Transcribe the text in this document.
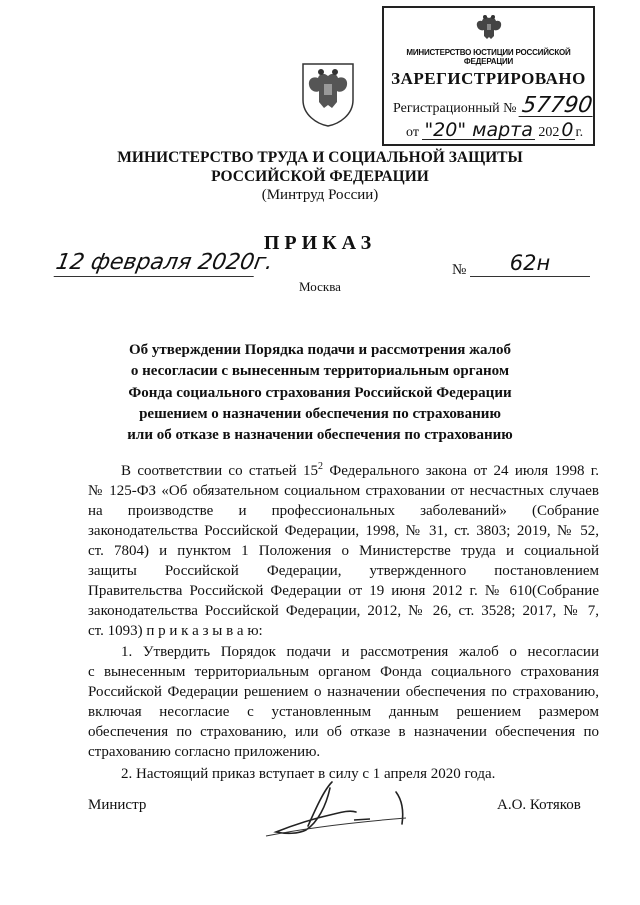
МИНИСТЕРСТВО ЮСТИЦИИ РОССИЙСКОЙ ФЕДЕРАЦИИ
ЗАРЕГИСТРИРОВАНО
Регистрационный № 57790
от "20" марта 202 0 г.
МИНИСТЕРСТВО ТРУДА И СОЦИАЛЬНОЙ ЗАЩИТЫ
РОССИЙСКОЙ ФЕДЕРАЦИИ
(Минтруд России)
ПРИКАЗ
12 февраля 2020г.	№	62н
Москва
Об утверждении Порядка подачи и рассмотрения жалоб
о несогласии с вынесенным территориальным органом
Фонда социального страхования Российской Федерации
решением о назначении обеспечения по страхованию
или об отказе в назначении обеспечения по страхованию
В соответствии со статьей $15^2$ Федерального закона от 24 июля 1998 г.
№ 125-ФЗ «Об обязательном социальном страховании от несчастных случаев
на производстве и профессиональных заболеваний» (Собрание
законодательства Российской Федерации, 1998, № 31, ст. 3803; 2019, № 52,
ст. 7804) и пунктом 1 Положения о Министерстве труда и социальной
защиты Российской Федерации, утвержденного постановлением
Правительства Российской Федерации от 19 июня 2012 г. № 610(Собрание
законодательства Российской Федерации, 2012, № 26, ст. 3528; 2017, № 7,
ст. 1093) п р и к а з ы в а ю:
1. Утвердить Порядок подачи и рассмотрения жалоб о несогласии
с вынесенным территориальным органом Фонда социального страхования
Российской Федерации решением о назначении обеспечения по страхованию,
включая несогласие с установленным данным решением размером
обеспечения по страхованию, или об отказе в назначении обеспечения по
страхованию согласно приложению.
2. Настоящий приказ вступает в силу с 1 апреля 2020 года.
Министр	А.О. Котяков
